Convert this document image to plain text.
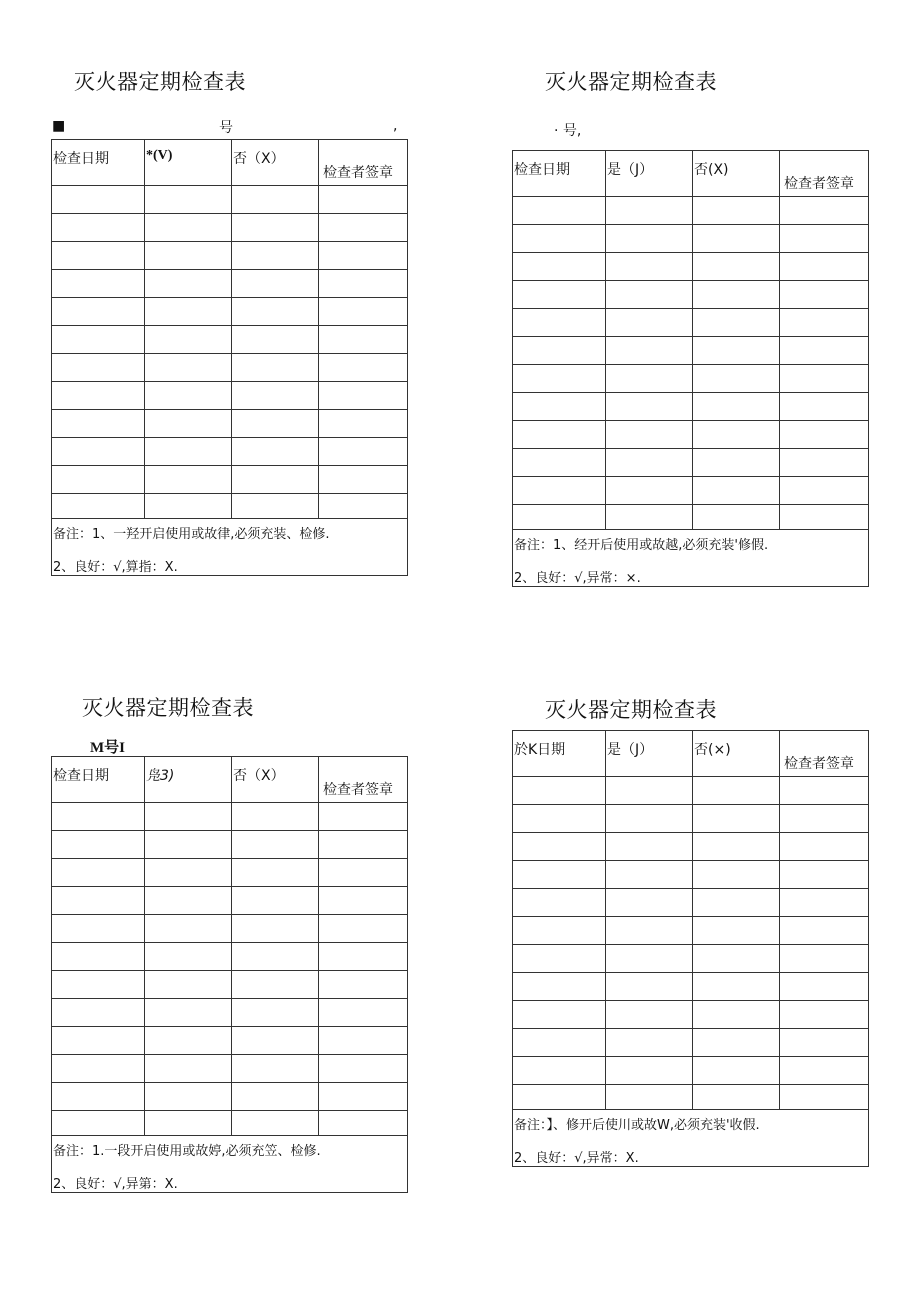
灭火器定期检查表
■	号	,
检查日期	*(V)	否（X）	检查者签章

备注：1、一羟开启使用或故律,必须充装、检修.
2、良好：√,算指：X.			
灭火器定期检查表
· 号,
检查日期	是（J）	否(X)	检查者签章

备注：1、经开后使用或故越,必须充装'修假.
2、良好：√,异常：×.			
灭火器定期检查表
M号I
检查日期	凫3)	否（X）	检查者签章

备注：1.一段开启使用或故婷,必须充笠、检修.
2、良好：√,异第：X.			
灭火器定期检查表
於K日期	是（J）	否(×)	检查者签章

备注：】、修开后使川或故W,必须充装'收假.
2、良好：√,异常：X.			
